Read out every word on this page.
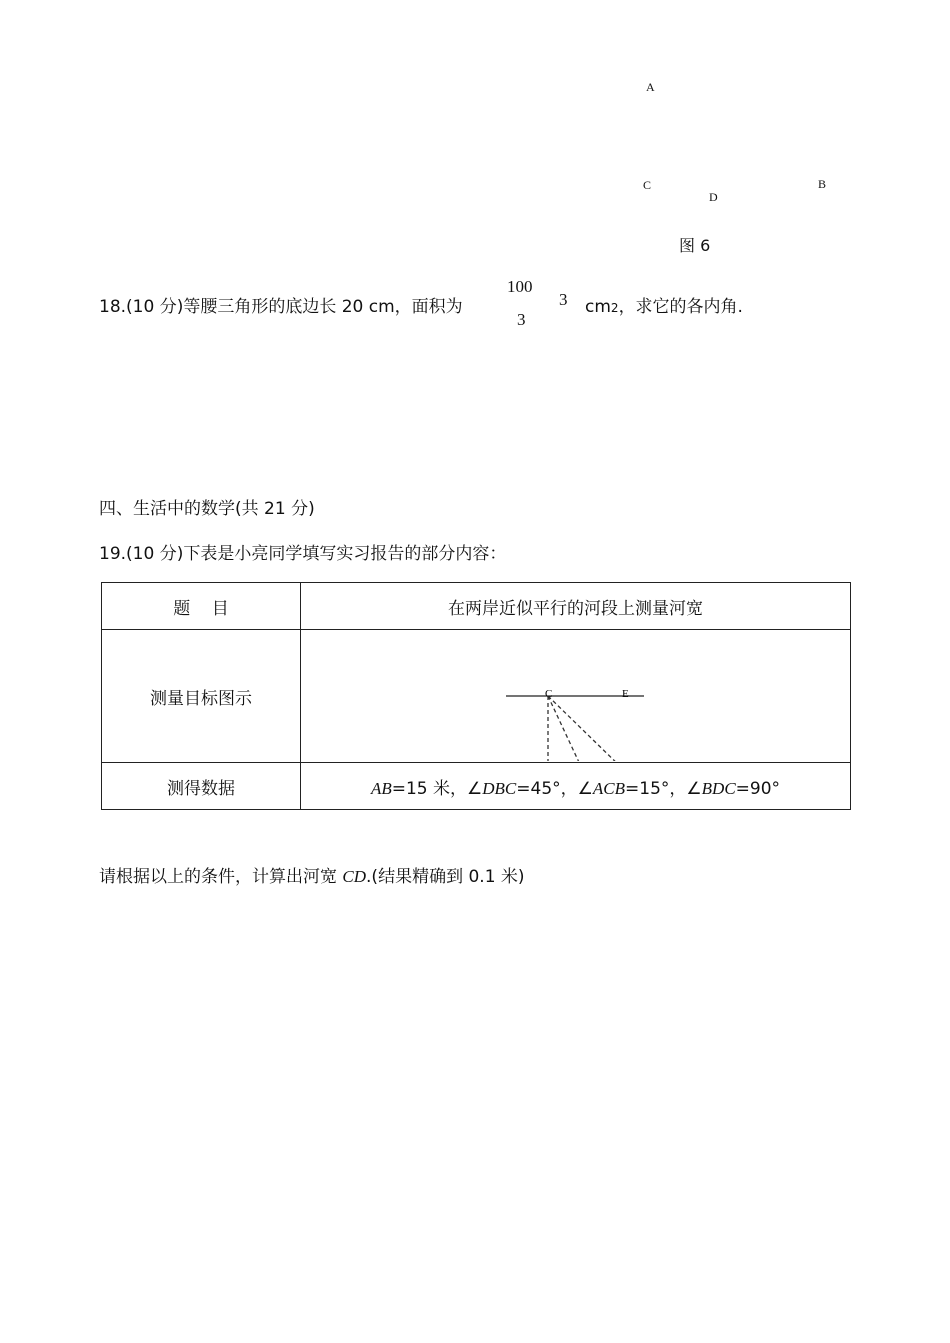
A
C
D
B
图 6
18.(10 分)等腰三角形的底边长 20 cm，面积为
100
3
3 cm2，求它的各内角.
四、生活中的数学(共 21 分)
19.(10 分)下表是小亮同学填写实习报告的部分内容：
题    目	在两岸近似平行的河段上测量河宽
测量目标图示	C E

测得数据	AB=15 米，∠DBC=45°，∠ACB=15°，∠BDC=90°
请根据以上的条件，计算出河宽 CD.(结果精确到 0.1 米)
